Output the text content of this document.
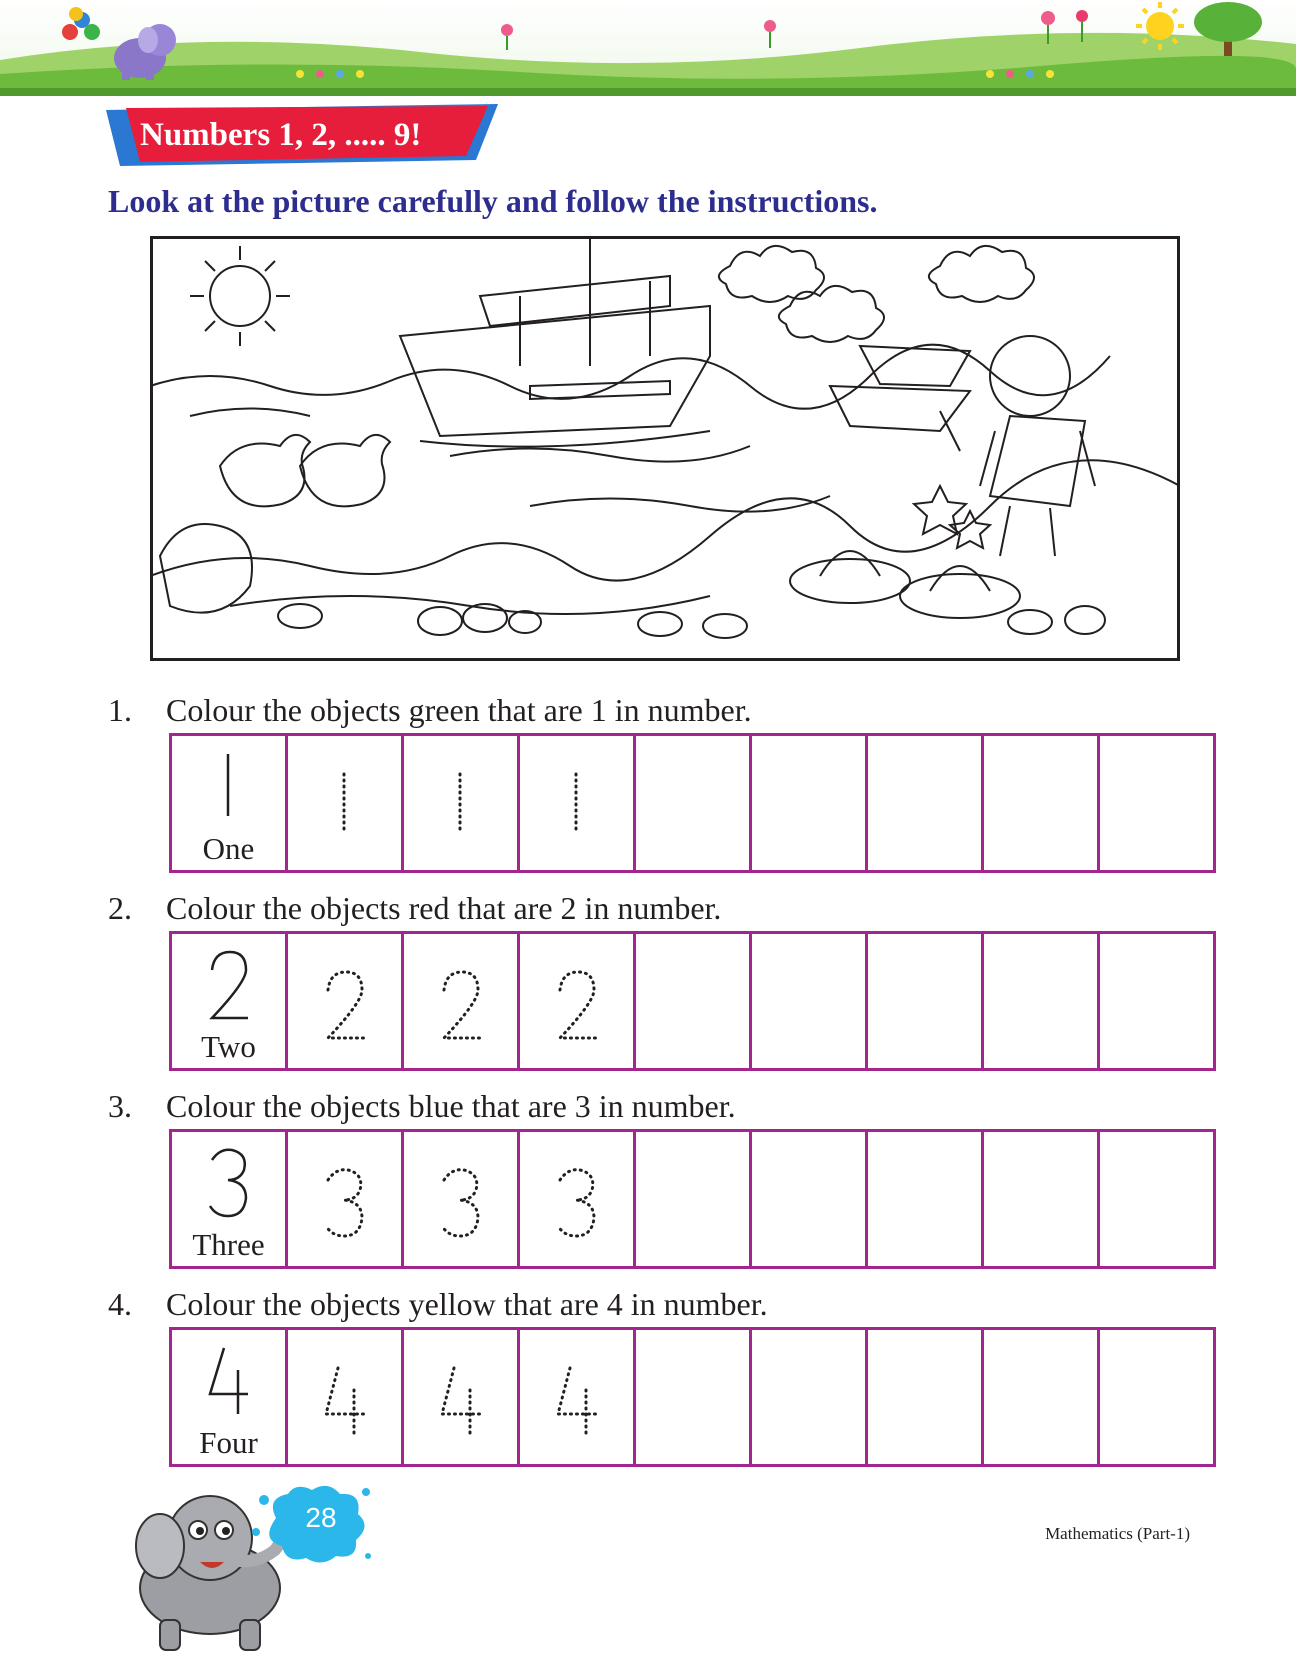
Numbers 1, 2, ..... 9!
Look at the picture carefully and follow the instructions.
1.	Colour the objects green that are 1 in number.
One

2.	Colour the objects red that are 2 in number.
Two

3.	Colour the objects blue that are 3 in number.
Three

4.	Colour the objects yellow that are 4 in number.
Four

28
Mathematics (Part-1)
